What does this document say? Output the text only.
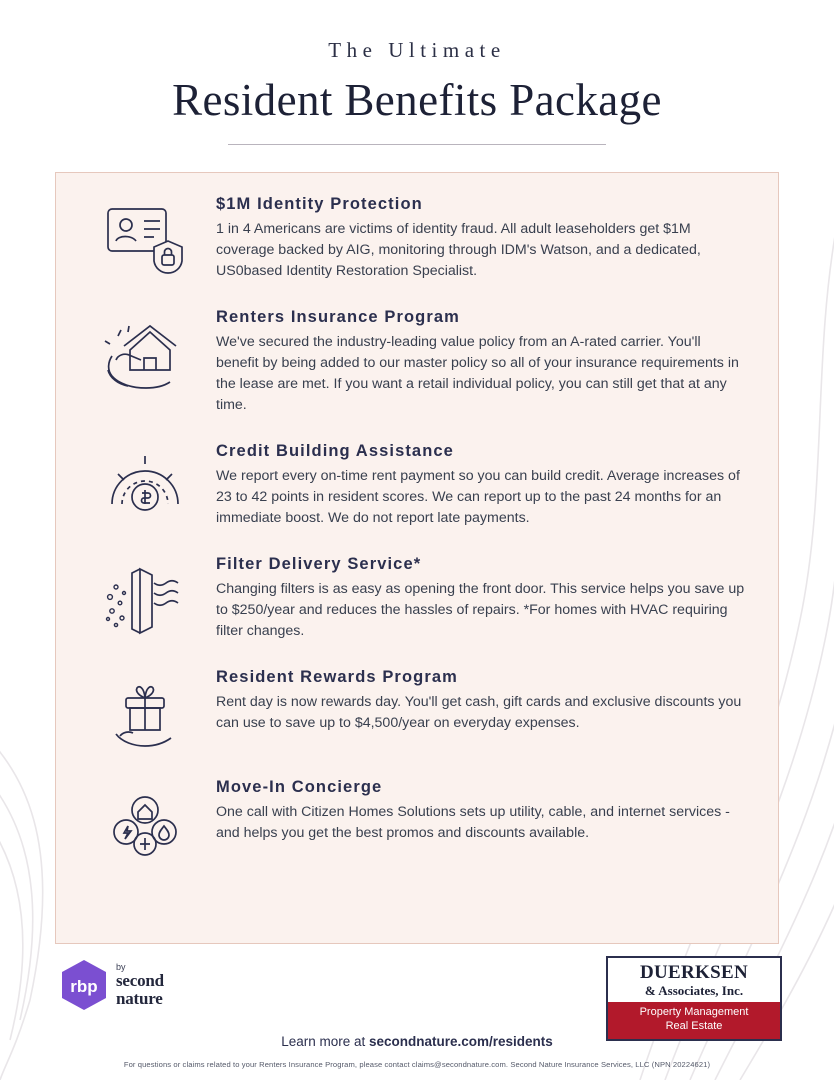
The Ultimate
Resident Benefits Package

$1M Identity Protection

1 in 4 Americans are victims of identity fraud. All adult leaseholders get $1M coverage backed by AIG, monitoring through IDM's Watson, and a dedicated, US0based Identity Restoration Specialist.

Renters Insurance Program

We've secured the industry-leading value policy from an A-rated carrier. You'll benefit by being added to our master policy so all of your insurance requirements in the lease are met. If you want a retail individual policy, you can still get that at any time.

Credit Building Assistance

We report every on-time rent payment so you can build credit. Average increases of 23 to 42 points in resident scores. We can report up to the past 24 months for an immediate boost. We do not report late payments.

Filter Delivery Service*

Changing filters is as easy as opening the front door. This service helps you save up to $250/year and reduces the hassles of repairs. *For homes with HVAC requiring filter changes.

Resident Rewards Program

Rent day is now rewards day. You'll get cash, gift cards and exclusive discounts you can use to save up to $4,500/year on everyday expenses.

Move-In Concierge

One call with Citizen Homes Solutions sets up utility, cable, and internet services - and helps you get the best promos and discounts available.

rbp
by
second
nature
DUERKSEN
& Associates, Inc.
Property Management
Real Estate
Learn more at secondnature.com/residents
For questions or claims related to your Renters Insurance Program, please contact claims@secondnature.com. Second Nature Insurance Services, LLC (NPN 20224621)
